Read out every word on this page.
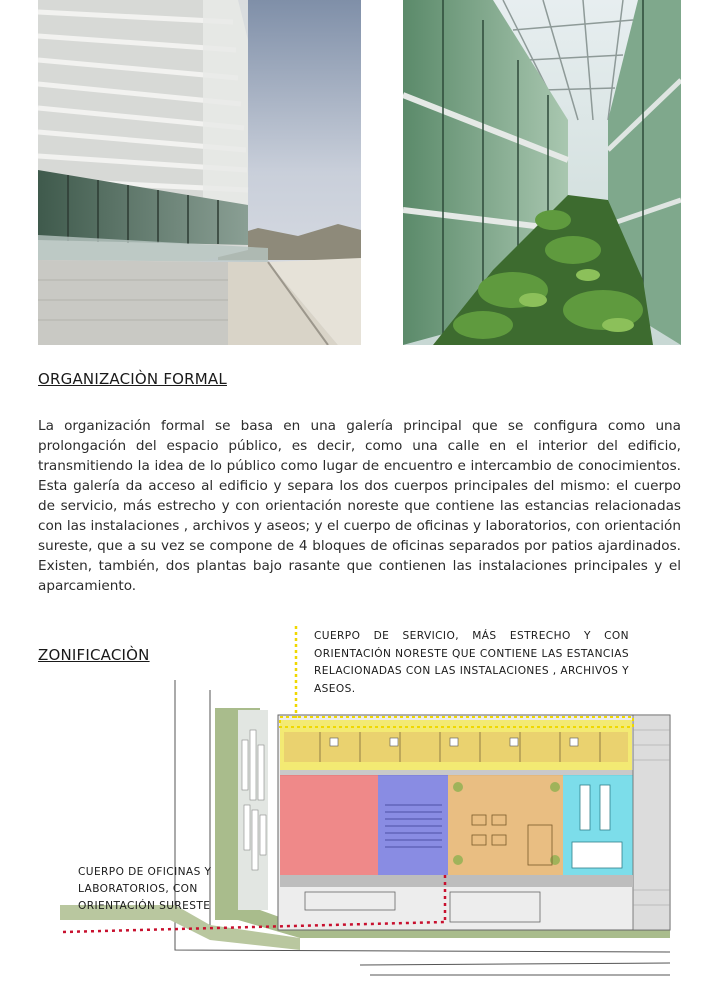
ORGANIZACIÒN FORMAL
La organización formal se basa en una galería principal que se configura como una prolongación del espacio público, es decir, como una calle en el interior del edificio, transmitiendo la idea de lo público como lugar de encuentro e intercambio de conocimientos. Esta galería da acceso al edificio y separa los dos cuerpos principales del mismo: el cuerpo de servicio, más estrecho y con orientación noreste que contiene las estancias relacionadas con las instalaciones , archivos y aseos; y el cuerpo de oficinas y laboratorios, con orientación sureste, que a su vez se compone de 4 bloques de oficinas separados por patios ajardinados. Existen, también, dos plantas bajo rasante que contienen las instalaciones principales y el aparcamiento.
ZONIFICACIÒN
CUERPO DE SERVICIO, MÁS ESTRECHO Y CON ORIENTACIÓN NORESTE QUE CONTIENE LAS ESTANCIAS RELACIONADAS CON LAS INSTALACIONES , ARCHIVOS Y ASEOS.
CUERPO DE OFICINAS Y LABORATORIOS, CON ORIENTACIÓN SURESTE
